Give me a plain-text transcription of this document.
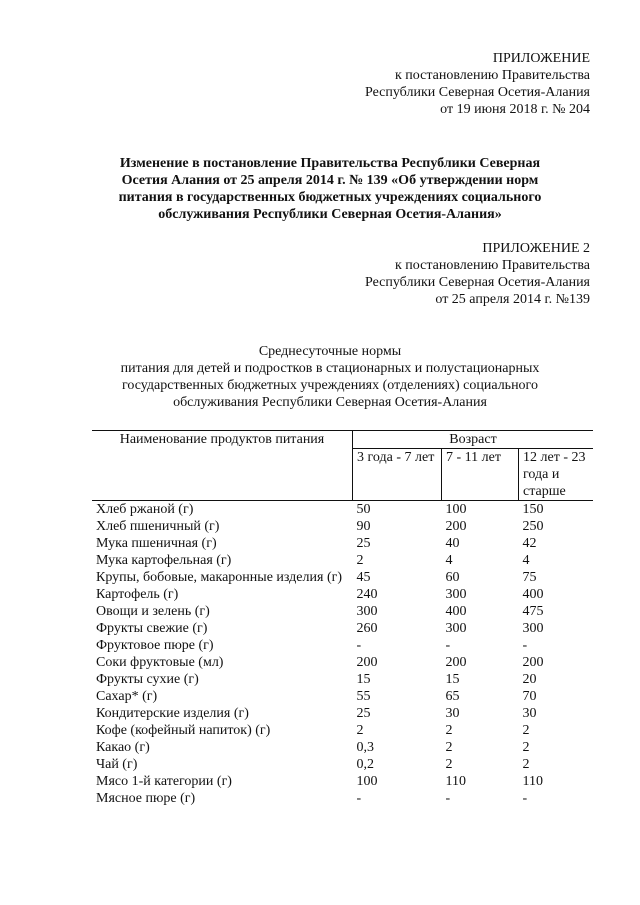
ПРИЛОЖЕНИЕ
к постановлению Правительства
Республики Северная Осетия-Алания
от 19 июня 2018 г. № 204
Изменение в постановление Правительства Республики Северная
Осетия Алания от 25 апреля 2014 г. № 139 «Об утверждении норм
питания в государственных бюджетных учреждениях социального
обслуживания Республики Северная Осетия-Алания»
ПРИЛОЖЕНИЕ 2
к постановлению Правительства
Республики Северная Осетия-Алания
от 25 апреля 2014 г. №139
Среднесуточные нормы
питания для детей и подростков в стационарных и полустационарных
государственных бюджетных учреждениях (отделениях) социального
обслуживания Республики Северная Осетия-Алания
Наименование продуктов питания	Возраст		
	3 года - 7 лет	7 - 11 лет	12 лет - 23 года и старше
Хлеб ржаной (г)	50	100	150
Хлеб пшеничный (г)	90	200	250
Мука пшеничная (г)	25	40	42
Мука картофельная (г)	2	4	4
Крупы, бобовые, макаронные изделия (г)	45	60	75
Картофель (г)	240	300	400
Овощи и зелень (г)	300	400	475
Фрукты свежие (г)	260	300	300
Фруктовое пюре (г)	-	-	-
Соки фруктовые (мл)	200	200	200
Фрукты сухие (г)	15	15	20
Сахар* (г)	55	65	70
Кондитерские изделия (г)	25	30	30
Кофе (кофейный напиток) (г)	2	2	2
Какао (г)	0,3	2	2
Чай (г)	0,2	2	2
Мясо 1-й категории (г)	100	110	110
Мясное пюре (г)	-	-	-
